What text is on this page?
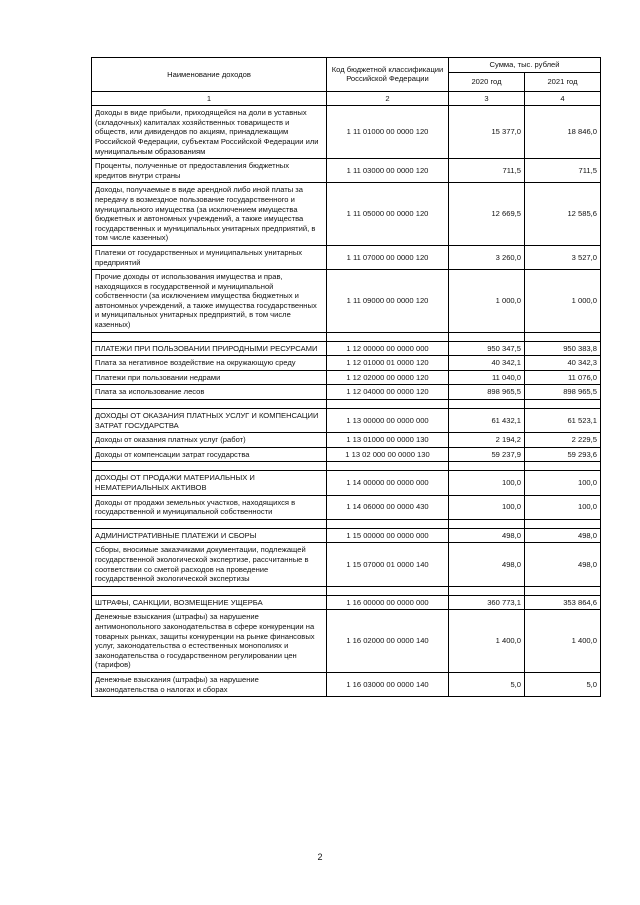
Наименование доходов	Код бюджетной классификации Российской Федерации	Сумма, тыс. рублей	
		2020 год	2021 год
1	2	3	4
Доходы в виде прибыли, приходящейся на доли в уставных (складочных) капиталах хозяйственных товариществ и обществ, или дивидендов по акциям, принадлежащим Российской Федерации, субъектам Российской Федерации или муниципальным образованиям	1 11 01000 00 0000 120	15 377,0	18 846,0
Проценты, полученные от предоставления бюджетных кредитов внутри страны	1 11 03000 00 0000 120	711,5	711,5
Доходы, получаемые в виде арендной либо иной платы за передачу в возмездное пользование государственного и муниципального имущества (за исключением имущества бюджетных и автономных учреждений, а также имущества государственных и муниципальных унитарных предприятий, в том числе казенных)	1 11 05000 00 0000 120	12 669,5	12 585,6
Платежи от государственных и муниципальных унитарных предприятий	1 11 07000 00 0000 120	3 260,0	3 527,0
Прочие доходы от использования имущества и прав, находящихся в государственной и муниципальной собственности (за исключением имущества бюджетных и автономных учреждений, а также имущества государственных и муниципальных унитарных предприятий, в том числе казенных)	1 11 09000 00 0000 120	1 000,0	1 000,0

ПЛАТЕЖИ ПРИ ПОЛЬЗОВАНИИ ПРИРОДНЫМИ РЕСУРСАМИ	1 12 00000 00 0000 000	950 347,5	950 383,8
Плата за негативное воздействие на окружающую среду	1 12 01000 01 0000 120	40 342,1	40 342,3
Платежи при пользовании недрами	1 12 02000 00 0000 120	11 040,0	11 076,0
Плата за использование лесов	1 12 04000 00 0000 120	898 965,5	898 965,5

ДОХОДЫ ОТ ОКАЗАНИЯ ПЛАТНЫХ УСЛУГ И КОМПЕНСАЦИИ ЗАТРАТ ГОСУДАРСТВА	1 13 00000 00 0000 000	61 432,1	61 523,1
Доходы от оказания платных услуг (работ)	1 13 01000 00 0000 130	2 194,2	2 229,5
Доходы от компенсации затрат государства	1 13 02 000 00 0000 130	59 237,9	59 293,6

ДОХОДЫ ОТ ПРОДАЖИ МАТЕРИАЛЬНЫХ И НЕМАТЕРИАЛЬНЫХ АКТИВОВ	1 14 00000 00 0000 000	100,0	100,0
Доходы от продажи земельных участков, находящихся в государственной и муниципальной собственности	1 14 06000 00 0000 430	100,0	100,0

АДМИНИСТРАТИВНЫЕ ПЛАТЕЖИ И СБОРЫ	1 15 00000 00 0000 000	498,0	498,0
Сборы, вносимые заказчиками документации, подлежащей государственной экологической экспертизе, рассчитанные в соответствии со сметой расходов на проведение государственной экологической экспертизы	1 15 07000 01 0000 140	498,0	498,0

ШТРАФЫ, САНКЦИИ, ВОЗМЕЩЕНИЕ УЩЕРБА	1 16 00000 00 0000 000	360 773,1	353 864,6
Денежные взыскания (штрафы) за нарушение антимонопольного законодательства в сфере конкуренции на товарных рынках, защиты конкуренции на рынке финансовых услуг, законодательства о естественных монополиях и законодательства о государственном регулировании цен (тарифов)	1 16 02000 00 0000 140	1 400,0	1 400,0
Денежные взыскания (штрафы) за нарушение законодательства о налогах и сборах	1 16 03000 00 0000 140	5,0	5,0
2
